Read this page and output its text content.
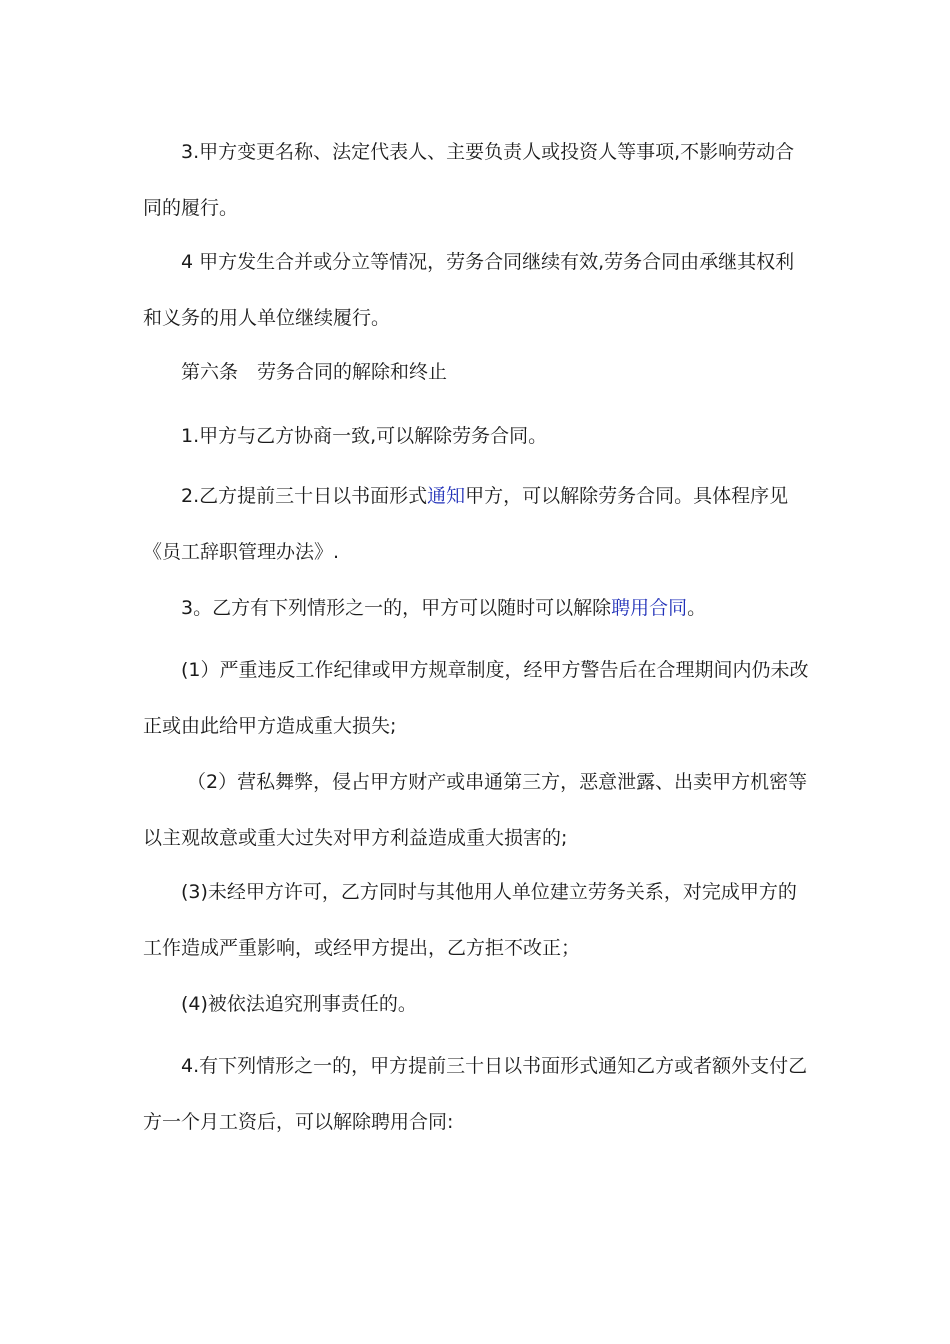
3.甲方变更名称、法定代表人、主要负责人或投资人等事项,不影响劳动合同的履行。

4 甲方发生合并或分立等情况，劳务合同继续有效,劳务合同由承继其权利和义务的用人单位继续履行。

第六条　劳务合同的解除和终止

1.甲方与乙方协商一致,可以解除劳务合同。

2.乙方提前三十日以书面形式通知甲方，可以解除劳务合同。具体程序见《员工辞职管理办法》.

3。乙方有下列情形之一的，甲方可以随时可以解除聘用合同。

(1）严重违反工作纪律或甲方规章制度，经甲方警告后在合理期间内仍未改正或由此给甲方造成重大损失;

（2）营私舞弊，侵占甲方财产或串通第三方，恶意泄露、出卖甲方机密等以主观故意或重大过失对甲方利益造成重大损害的;

(3)未经甲方许可，乙方同时与其他用人单位建立劳务关系，对完成甲方的工作造成严重影响，或经甲方提出，乙方拒不改正；

(4)被依法追究刑事责任的。

4.有下列情形之一的，甲方提前三十日以书面形式通知乙方或者额外支付乙方一个月工资后，可以解除聘用合同:
